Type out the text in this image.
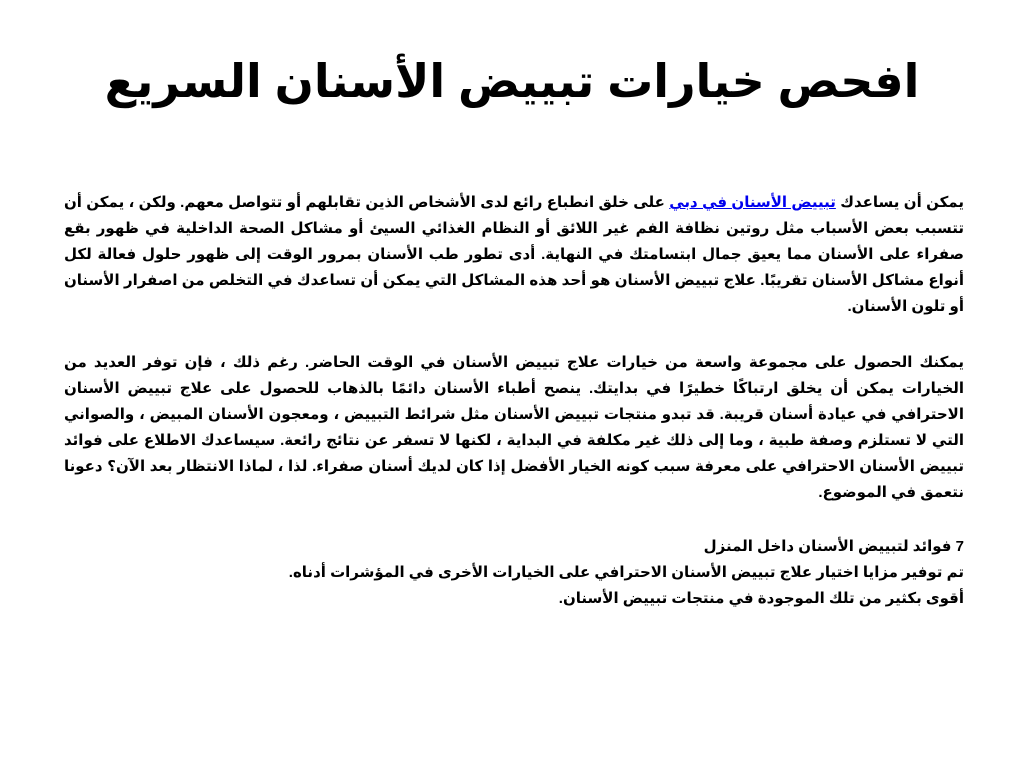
افحص خيارات تبييض الأسنان السريع

يمكن أن يساعدك تبييض الأسنان في دبي على خلق انطباع رائع لدى الأشخاص الذين تقابلهم أو تتواصل معهم. ولكن ، يمكن أن تتسبب بعض الأسباب مثل روتين نظافة الفم غير اللائق أو النظام الغذائي السيئ أو مشاكل الصحة الداخلية في ظهور بقع صفراء على الأسنان مما يعيق جمال ابتسامتك في النهاية. أدى تطور طب الأسنان بمرور الوقت إلى ظهور حلول فعالة لكل أنواع مشاكل الأسنان تقريبًا. علاج تبييض الأسنان هو أحد هذه المشاكل التي يمكن أن تساعدك في التخلص من اصفرار الأسنان أو تلون الأسنان.

يمكنك الحصول على مجموعة واسعة من خيارات علاج تبييض الأسنان في الوقت الحاضر. رغم ذلك ، فإن توفر العديد من الخيارات يمكن أن يخلق ارتباكًا خطيرًا في بدايتك. ينصح أطباء الأسنان دائمًا بالذهاب للحصول على علاج تبييض الأسنان الاحترافي في عيادة أسنان قريبة. قد تبدو منتجات تبييض الأسنان مثل شرائط التبييض ، ومعجون الأسنان المبيض ، والصواني التي لا تستلزم وصفة طبية ، وما إلى ذلك غير مكلفة في البداية ، لكنها لا تسفر عن نتائج رائعة. سيساعدك الاطلاع على فوائد تبييض الأسنان الاحترافي على معرفة سبب كونه الخيار الأفضل إذا كان لديك أسنان صفراء. لذا ، لماذا الانتظار بعد الآن؟ دعونا نتعمق في الموضوع.

7 فوائد لتبييض الأسنان داخل المنزل

تم توفير مزايا اختيار علاج تبييض الأسنان الاحترافي على الخيارات الأخرى في المؤشرات أدناه.

أقوى بكثير من تلك الموجودة في منتجات تبييض الأسنان.
